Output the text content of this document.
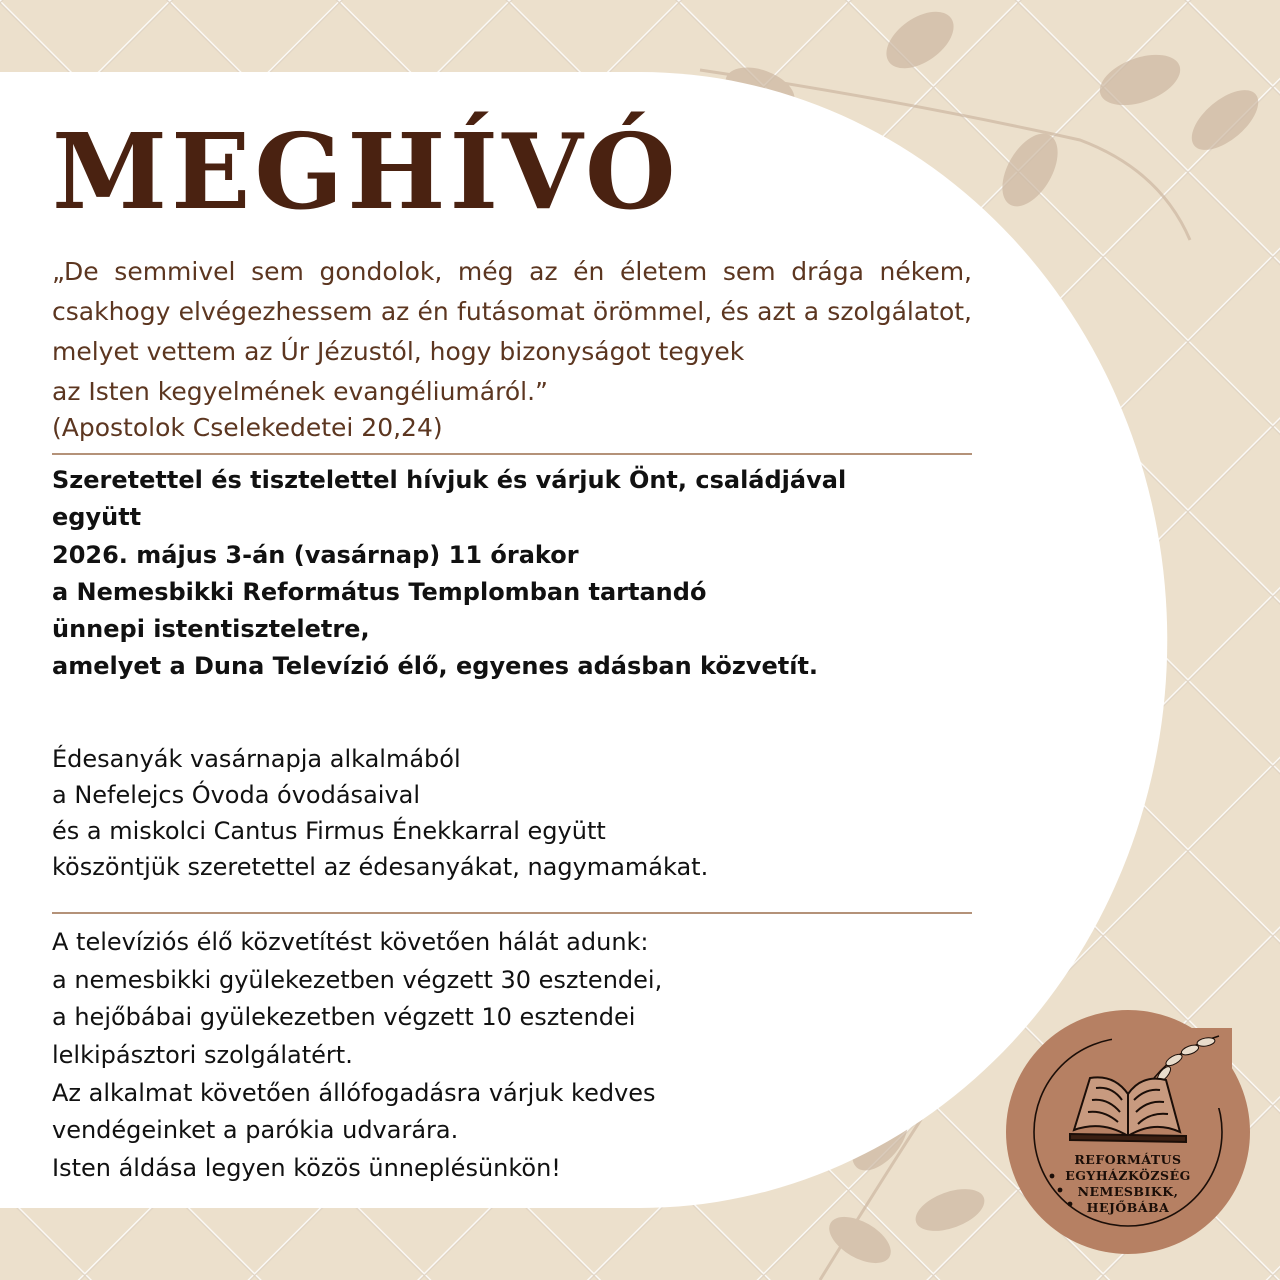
MEGHÍVÓ

„De semmivel sem gondolok, még az én életem sem drága nékem, csakhogy elvégezhessem az én futásomat örömmel, és azt a szolgálatot, melyet vettem az Úr Jézustól, hogy bizonyságot tegyek

az Isten kegyelmének evangéliumáról.”

(Apostolok Cselekedetei 20,24)

Szeretettel és tisztelettel hívjuk és várjuk Önt, családjával
együtt
2026. május 3-án (vasárnap) 11 órakor
a Nemesbikki Református Templomban tartandó
ünnepi istentiszteletre,
amelyet a Duna Televízió élő, egyenes adásban közvetít.
Édesanyák vasárnapja alkalmából
a Nefelejcs Óvoda óvodásaival
és a miskolci Cantus Firmus Énekkarral együtt
köszöntjük szeretettel az édesanyákat, nagymamákat.
A televíziós élő közvetítést követően hálát adunk:
a nemesbikki gyülekezetben végzett 30 esztendei,
a hejőbábai gyülekezetben végzett 10 esztendei
lelkipásztori szolgálatért.
Az alkalmat követően állófogadásra várjuk kedves
vendégeinket a parókia udvarára.
Isten áldása legyen közös ünneplésünkön!	REFORMÁTUS
EGYHÁZKÖZSÉG
NEMESBIKK,
HEJŐBÁBA
